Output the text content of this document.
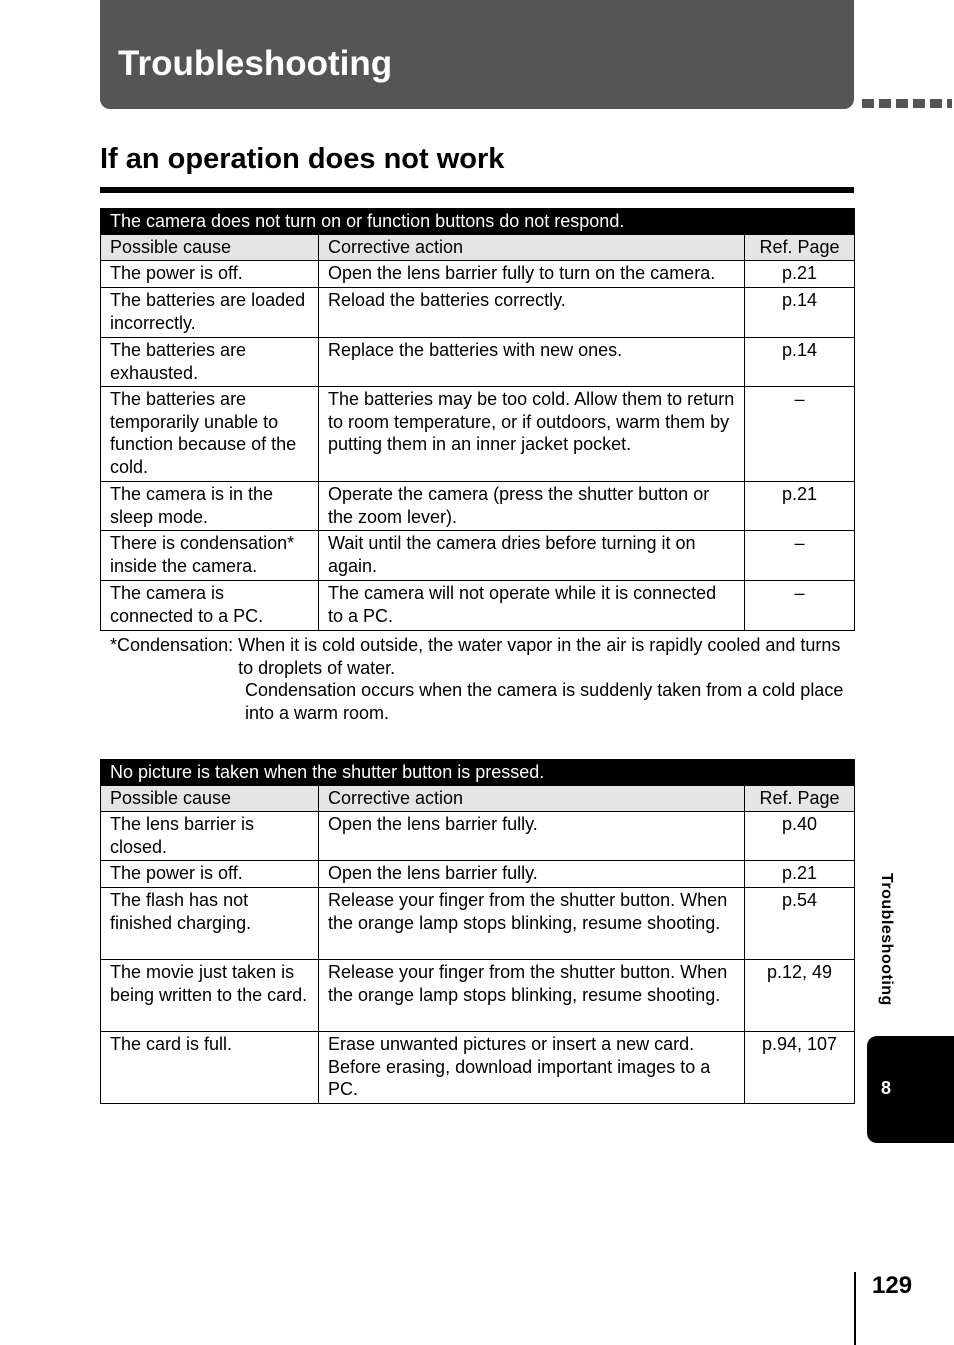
Troubleshooting
If an operation does not work
The camera does not turn on or function buttons do not respond.		
Possible cause	Corrective action	Ref. Page
The power is off.	Open the lens barrier fully to turn on the camera.	p.21
The batteries are loaded incorrectly.	Reload the batteries correctly.	p.14
The batteries are exhausted.	Replace the batteries with new ones.	p.14
The batteries are temporarily unable to function because of the cold.	The batteries may be too cold. Allow them to return to room temperature, or if outdoors, warm them by putting them in an inner jacket pocket.	–
The camera is in the sleep mode.	Operate the camera (press the shutter button or the zoom lever).	p.21
There is condensation* inside the camera.	Wait until the camera dries before turning it on again.	–
The camera is connected to a PC.	The camera will not operate while it is connected to a PC.	–
*Condensation: When it is cold outside, the water vapor in the air is rapidly cooled and turns to droplets of water.
Condensation occurs when the camera is suddenly taken from a cold place into a warm room.
No picture is taken when the shutter button is pressed.		
Possible cause	Corrective action	Ref. Page
The lens barrier is closed.	Open the lens barrier fully.	p.40
The power is off.	Open the lens barrier fully.	p.21
The flash has not finished charging.	Release your finger from the shutter button. When the orange lamp stops blinking, resume shooting.	p.54
The movie just taken is being written to the card.	Release your finger from the shutter button. When the orange lamp stops blinking, resume shooting.	p.12, 49
The card is full.	Erase unwanted pictures or insert a new card. Before erasing, download important images to a PC.	p.94, 107
Troubleshooting
8
129
